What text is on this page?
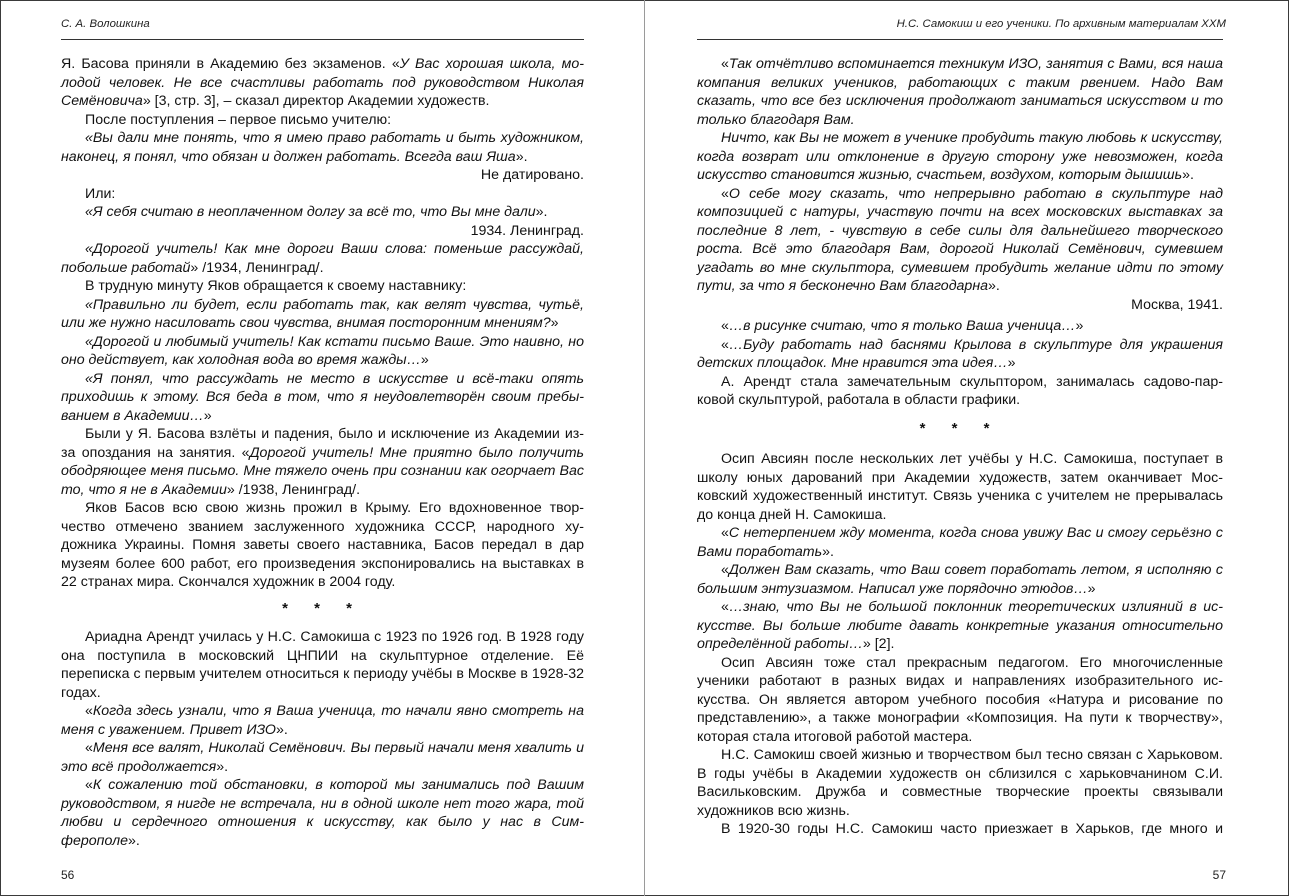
С. А. Волошкина

Я. Басова приняли в Академию без экзаменов. «У Вас хорошая школа, молодой человек. Не все счастливы работать под руководством Николая Семёновича» [3, стр. 3], – сказал директор Академии художеств.

После поступления – первое письмо учителю:

«Вы дали мне понять, что я имею право работать и быть художником, наконец, я понял, что обязан и должен работать. Всегда ваш Яша».

Не датировано.

Или:

«Я себя считаю в неоплаченном долгу за всё то, что Вы мне дали».

1934. Ленинград.

«Дорогой учитель! Как мне дороги Ваши слова: поменьше рассуждай, побольше работай» /1934, Ленинград/.

В трудную минуту Яков обращается к своему наставнику:

«Правильно ли будет, если работать так, как велят чувства, чутьё, или же нужно насиловать свои чувства, внимая посторонним мнениям?»

«Дорогой и любимый учитель! Как кстати письмо Ваше. Это наивно, но оно действует, как холодная вода во время жажды…»

«Я понял, что рассуждать не место в искусстве и всё-таки опять приходишь к этому. Вся беда в том, что я неудовлетворён своим пребыванием в Академии…»

Были у Я. Басова взлёты и падения, было и исключение из Академии из-за опоздания на занятия. «Дорогой учитель! Мне приятно было получить ободряющее меня письмо. Мне тяжело очень при сознании как огорчает Вас то, что я не в Академии» /1938, Ленинград/.

Яков Басов всю свою жизнь прожил в Крыму. Его вдохновенное творчество отмечено званием заслуженного художника СССР, народного художника Украины. Помня заветы своего наставника, Басов передал в дар музеям более 600 работ, его произведения экспонировались на выставках в 22 странах мира. Скончался художник в 2004 году.

* * *

Ариадна Арендт училась у Н.С. Самокиша с 1923 по 1926 год. В 1928 году она поступила в московский ЦНПИИ на скульптурное отделение. Её переписка с первым учителем относиться к периоду учёбы в Москве в 1928-32 годах.

«Когда здесь узнали, что я Ваша ученица, то начали явно смотреть на меня с уважением. Привет ИЗО».

«Меня все валят, Николай Семёнович. Вы первый начали меня хвалить и это всё продолжается».

«К сожалению той обстановки, в которой мы занимались под Вашим руководством, я нигде не встречала, ни в одной школе нет того жара, той любви и сердечного отношения к искусству, как было у нас в Симферополе».

56
Н.С. Самокиш и его ученики. По архивным материалам ХХМ

«Так отчётливо вспоминается техникум ИЗО, занятия с Вами, вся наша компания великих учеников, работающих с таким рвением. Надо Вам сказать, что все без исключения продолжают заниматься искусством и то только благодаря Вам.

Ничто, как Вы не может в ученике пробудить такую любовь к искусству, когда возврат или отклонение в другую сторону уже невозможен, когда искусство становится жизнью, счастьем, воздухом, которым дышишь».

«О себе могу сказать, что непрерывно работаю в скульптуре над композицией с натуры, участвую почти на всех московских выставках за последние 8 лет, - чувствую в себе силы для дальнейшего творческого роста. Всё это благодаря Вам, дорогой Николай Семёнович, сумевшем угадать во мне скульптора, сумевшем пробудить желание идти по этому пути, за что я бесконечно Вам благодарна».

Москва, 1941.

«…в рисунке считаю, что я только Ваша ученица…»

«…Буду работать над баснями Крылова в скульптуре для украшения детских площадок. Мне нравится эта идея…»

А. Арендт стала замечательным скульптором, занималась садово-парковой скульптурой, работала в области графики.

* * *

Осип Авсиян после нескольких лет учёбы у Н.С. Самокиша, поступает в школу юных дарований при Академии художеств, затем оканчивает Московский художественный институт. Связь ученика с учителем не прерывалась до конца дней Н. Самокиша.

«С нетерпением жду момента, когда снова увижу Вас и смогу серьёзно с Вами поработать».

«Должен Вам сказать, что Ваш совет поработать летом, я исполняю с большим энтузиазмом. Написал уже порядочно этюдов…»

«…знаю, что Вы не большой поклонник теоретических излияний в искусстве. Вы больше любите давать конкретные указания относительно определённой работы…» [2].

Осип Авсиян тоже стал прекрасным педагогом. Его многочисленные ученики работают в разных видах и направлениях изобразительного искусства. Он является автором учебного пособия «Натура и рисование по представлению», а также монографии «Композиция. На пути к творчеству», которая стала итоговой работой мастера.

Н.С. Самокиш своей жизнью и творчеством был тесно связан с Харьковом. В годы учёбы в Академии художеств он сблизился с харьковчанином С.И. Васильковским. Дружба и совместные творческие проекты связывали художников всю жизнь.

В 1920-30 годы Н.С. Самокиш часто приезжает в Харьков, где много и

57
